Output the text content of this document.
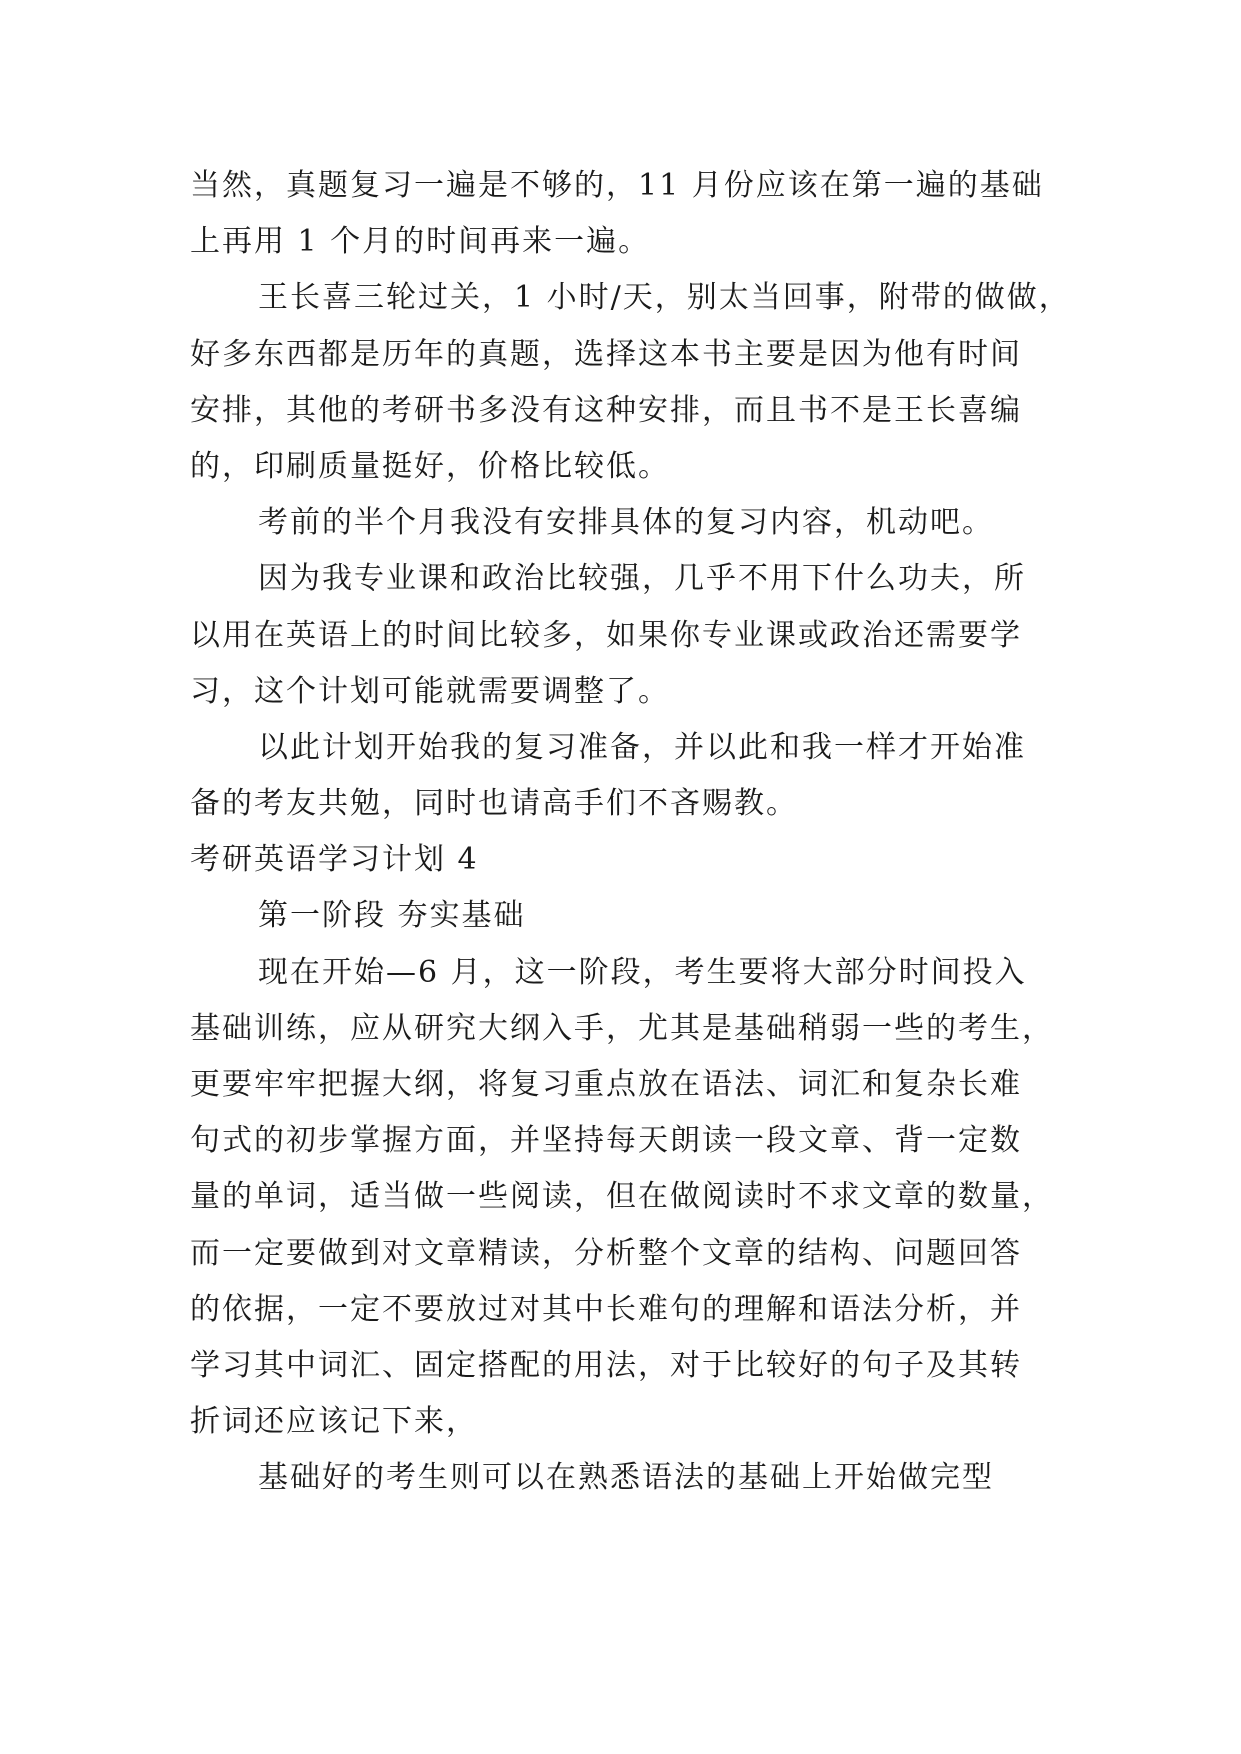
当然，真题复习一遍是不够的，11 月份应该在第一遍的基础
上再用 1 个月的时间再来一遍。
王长喜三轮过关，1 小时/天，别太当回事，附带的做做，
好多东西都是历年的真题，选择这本书主要是因为他有时间
安排，其他的考研书多没有这种安排，而且书不是王长喜编
的，印刷质量挺好，价格比较低。
考前的半个月我没有安排具体的复习内容，机动吧。
因为我专业课和政治比较强，几乎不用下什么功夫，所
以用在英语上的时间比较多，如果你专业课或政治还需要学
习，这个计划可能就需要调整了。
以此计划开始我的复习准备，并以此和我一样才开始准
备的考友共勉，同时也请高手们不吝赐教。
考研英语学习计划 4
第一阶段 夯实基础
现在开始—6 月，这一阶段，考生要将大部分时间投入
基础训练，应从研究大纲入手，尤其是基础稍弱一些的考生，
更要牢牢把握大纲，将复习重点放在语法、词汇和复杂长难
句式的初步掌握方面，并坚持每天朗读一段文章、背一定数
量的单词，适当做一些阅读，但在做阅读时不求文章的数量，
而一定要做到对文章精读，分析整个文章的结构、问题回答
的依据，一定不要放过对其中长难句的理解和语法分析，并
学习其中词汇、固定搭配的用法，对于比较好的句子及其转
折词还应该记下来，
基础好的考生则可以在熟悉语法的基础上开始做完型
